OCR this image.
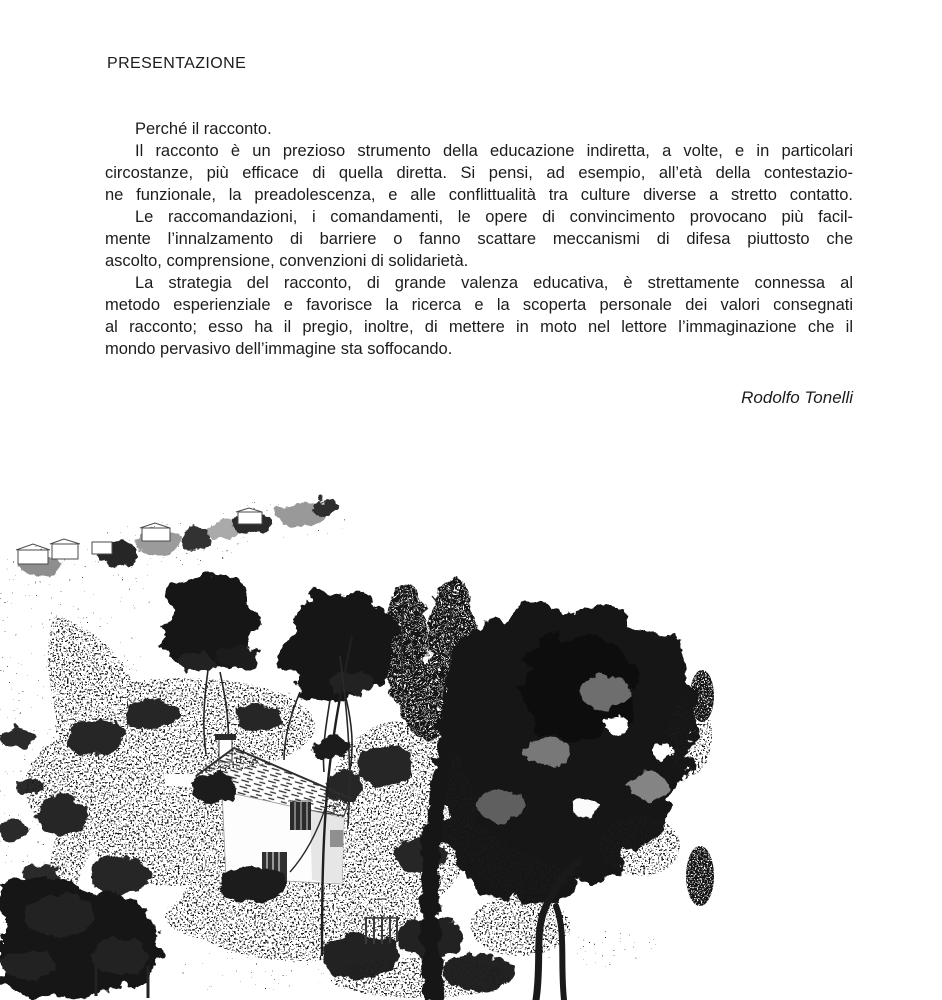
PRESENTAZIONE
Perché il racconto.
Il racconto è un prezioso strumento della educazione indiretta, a volte, e in particolari
circostanze, più efficace di quella diretta. Si pensi, ad esempio, all’età della contestazio-
ne funzionale, la preadolescenza, e alle conflittualità tra culture diverse a stretto contatto.
Le raccomandazioni, i comandamenti, le opere di convincimento provocano più facil-
mente l’innalzamento di barriere o fanno scattare meccanismi di difesa piuttosto che
ascolto, comprensione, convenzioni di solidarietà.
La strategia del racconto, di grande valenza educativa, è strettamente connessa al
metodo esperienziale e favorisce la ricerca e la scoperta personale dei valori consegnati
al racconto; esso ha il pregio, inoltre, di mettere in moto nel lettore l’immaginazione che il
mondo pervasivo dell’immagine sta soffocando.
Rodolfo Tonelli
